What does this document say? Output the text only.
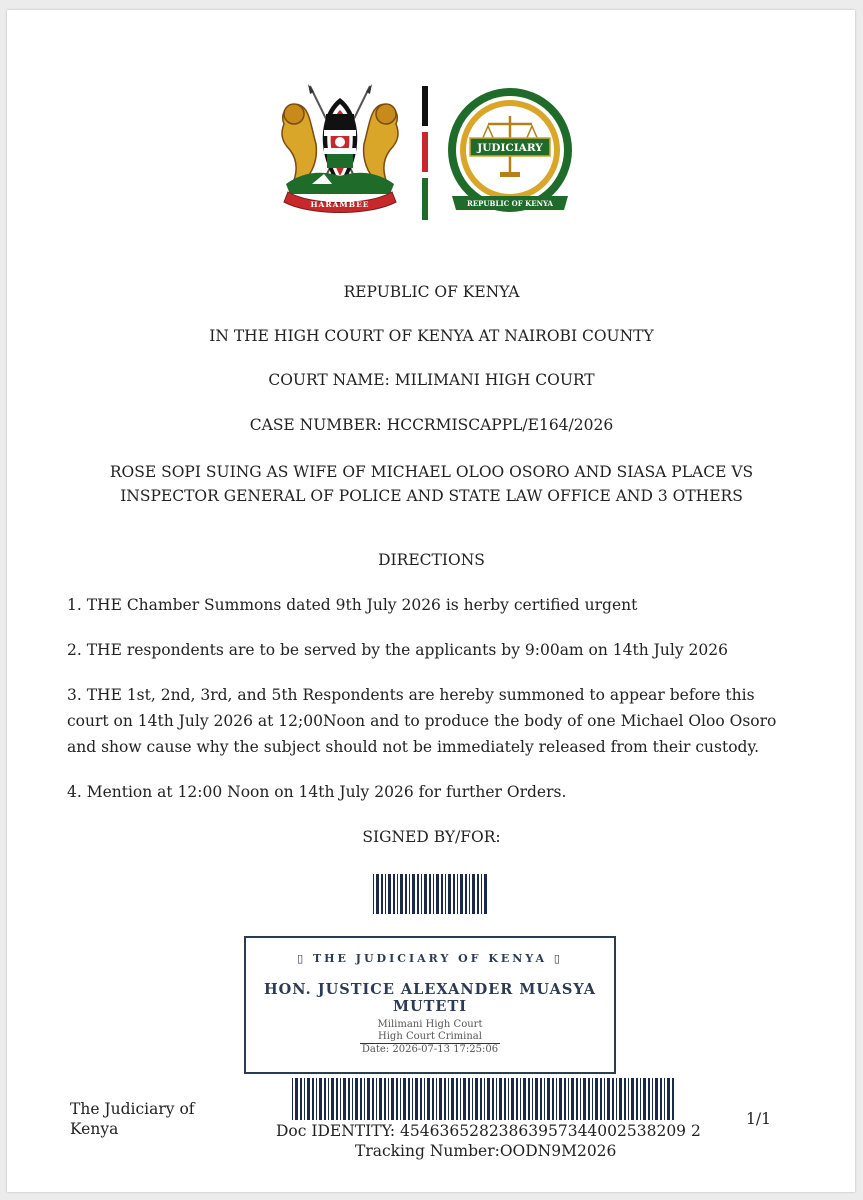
HARAMBEE
JUDICIARY
REPUBLIC OF KENYA
REPUBLIC OF KENYA
IN THE HIGH COURT OF KENYA AT NAIROBI COUNTY
COURT NAME: MILIMANI HIGH COURT
CASE NUMBER: HCCRMISCAPPL/E164/2026
ROSE SOPI SUING AS WIFE OF MICHAEL OLOO OSORO AND SIASA PLACE VS
INSPECTOR GENERAL OF POLICE AND STATE LAW OFFICE AND 3 OTHERS
DIRECTIONS
1. THE Chamber Summons dated 9th July 2026 is herby certified urgent
2. THE respondents are to be served by the applicants by 9:00am on 14th July 2026
3. THE 1st, 2nd, 3rd, and 5th Respondents are hereby summoned to appear before this
court on 14th July 2026 at 12;00Noon and to produce the body of one Michael Oloo Osoro
and show cause why the subject should not be immediately released from their custody.
4. Mention at 12:00 Noon on 14th July 2026 for further Orders.
SIGNED BY/FOR:
▯ THE JUDICIARY OF KENYA ▯
HON. JUSTICE ALEXANDER MUASYA
MUTETI
Milimani High Court
High Court Criminal
Date: 2026-07-13 17:25:06
The Judiciary of
Kenya	Doc IDENTITY: 45463652823863957344002538209 2
Tracking Number:OODN9M2026
1/1
